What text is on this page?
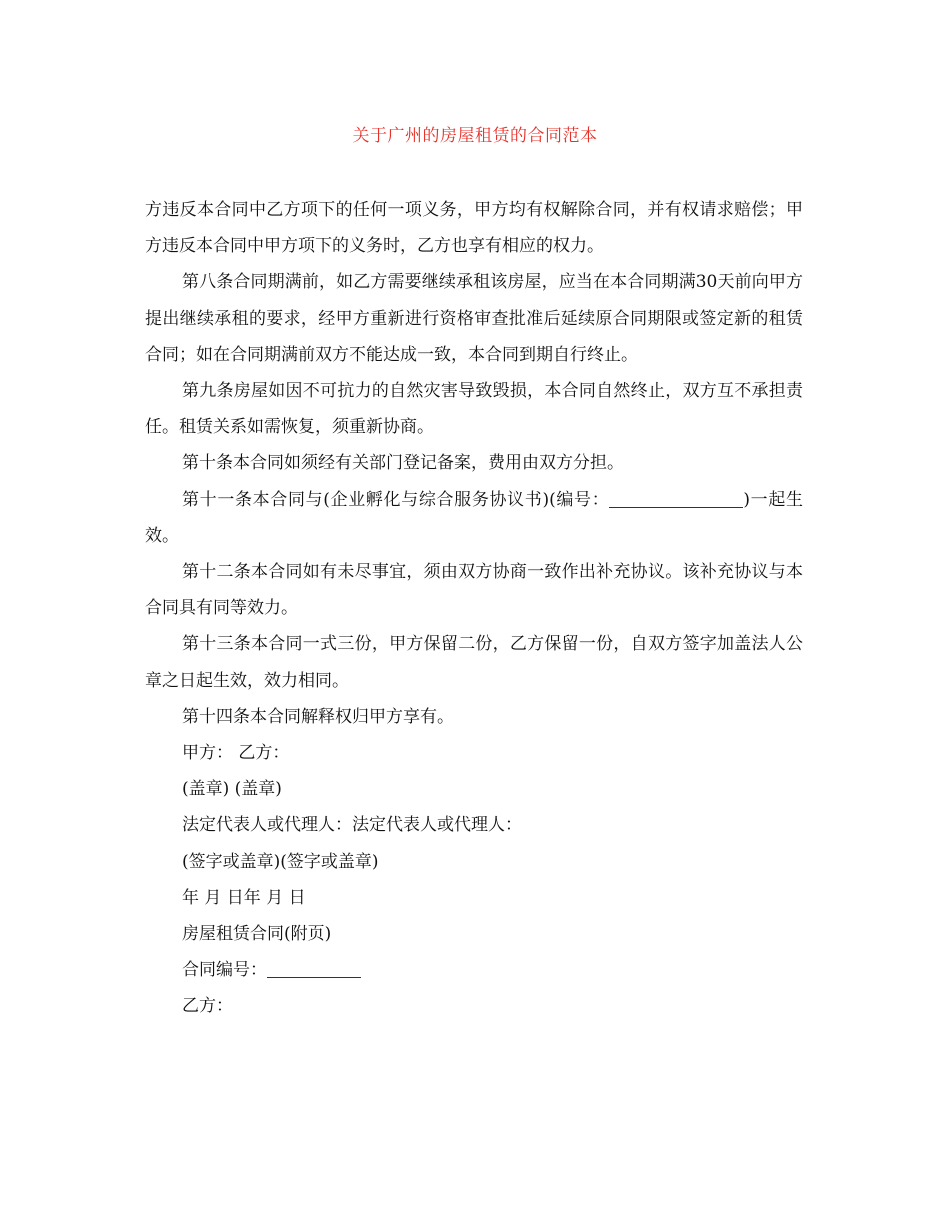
关于广州的房屋租赁的合同范本

方违反本合同中乙方项下的任何一项义务，甲方均有权解除合同，并有权请求赔偿；甲方违反本合同中甲方项下的义务时，乙方也享有相应的权力。

第八条合同期满前，如乙方需要继续承租该房屋，应当在本合同期满30天前向甲方提出继续承租的要求，经甲方重新进行资格审查批准后延续原合同期限或签定新的租赁合同；如在合同期满前双方不能达成一致，本合同到期自行终止。

第九条房屋如因不可抗力的自然灾害导致毁损，本合同自然终止，双方互不承担责任。租赁关系如需恢复，须重新协商。

第十条本合同如须经有关部门登记备案，费用由双方分担。

第十一条本合同与(企业孵化与综合服务协议书)(编号：	)一起生效。

第十二条本合同如有未尽事宜，须由双方协商一致作出补充协议。该补充协议与本合同具有同等效力。

第十三条本合同一式三份，甲方保留二份，乙方保留一份，自双方签字加盖法人公章之日起生效，效力相同。

第十四条本合同解释权归甲方享有。

甲方： 乙方：

(盖章) (盖章)

法定代表人或代理人：法定代表人或代理人：

(签字或盖章)(签字或盖章)

年 月 日年 月 日

房屋租赁合同(附页)

合同编号：

乙方：
